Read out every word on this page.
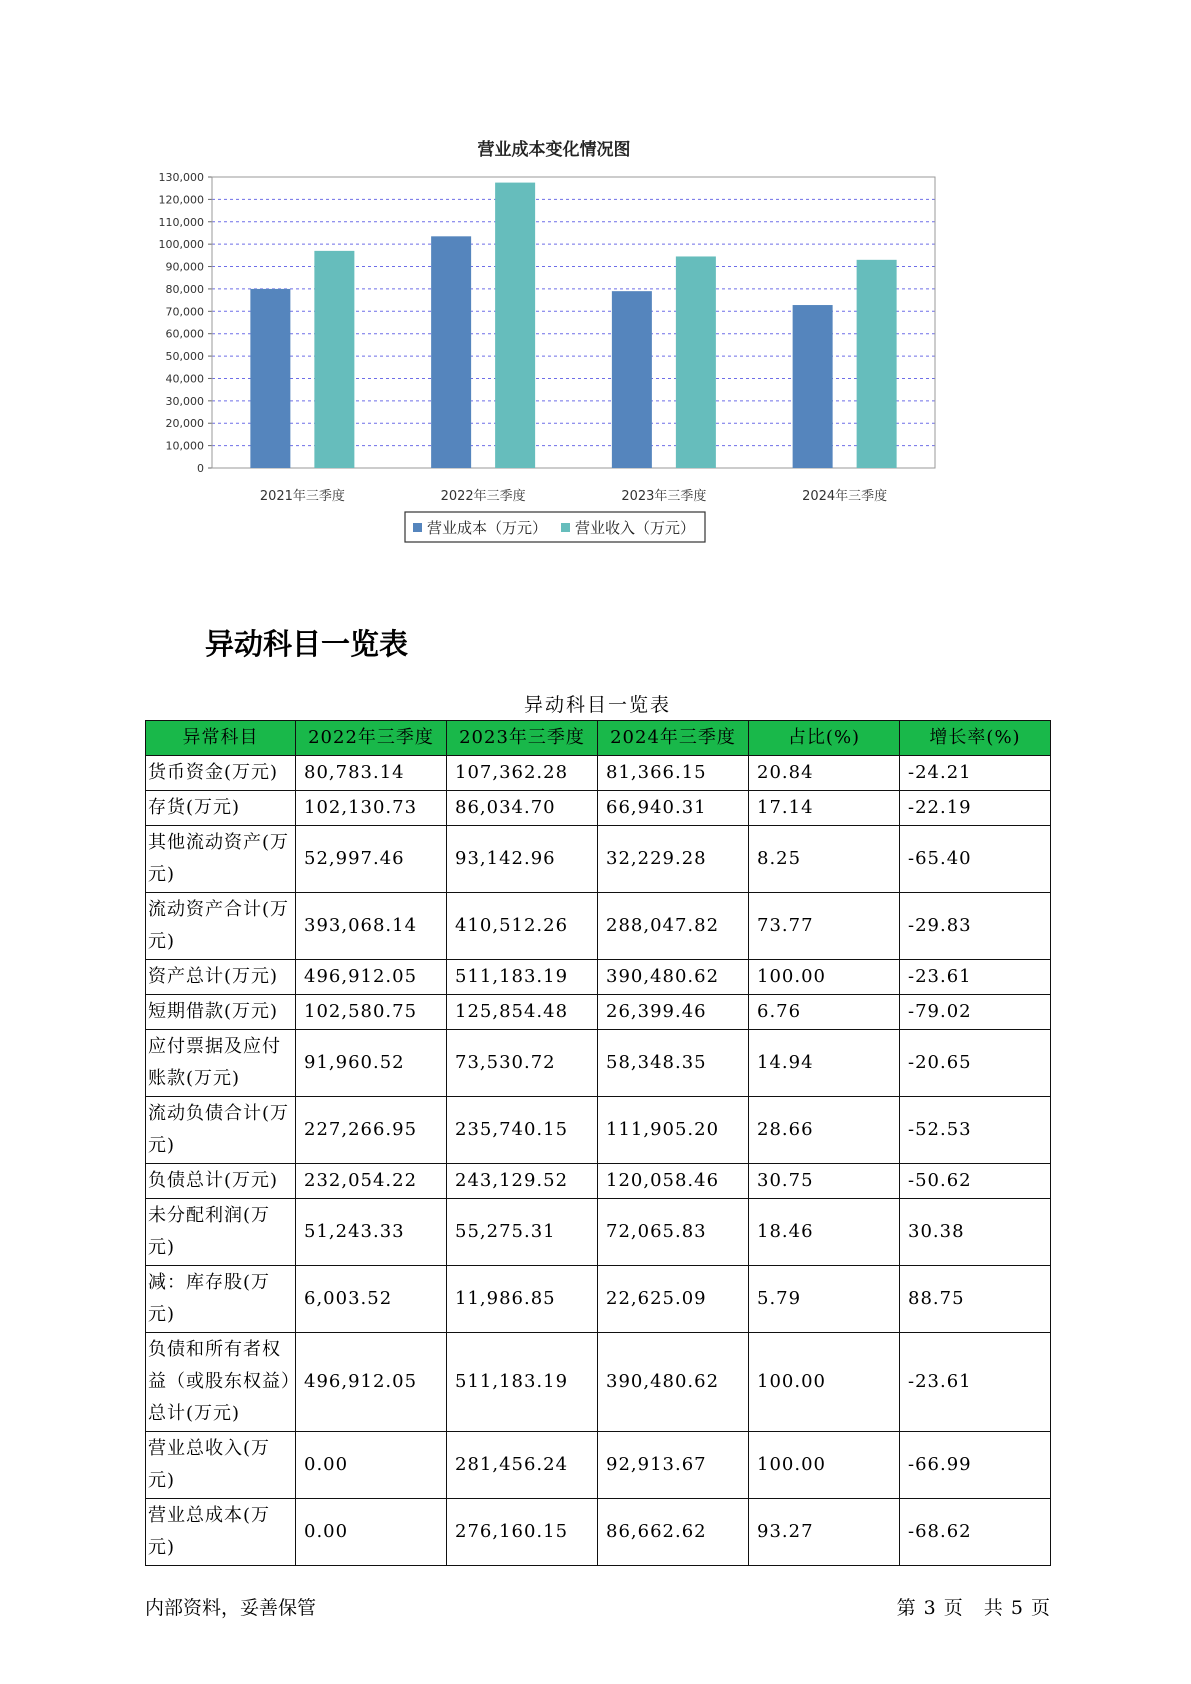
营业成本变化情况图
0
10,000
20,000
30,000
40,000
50,000
60,000
70,000
80,000
90,000
100,000
110,000
120,000
130,000
2021年三季度	2022年三季度	2023年三季度	2024年三季度
营业成本（万元） 营业收入（万元）
异动科目一览表
异动科目一览表
异常科目	2022年三季度	2023年三季度	2024年三季度	占比(%)	增长率(%)
货币资金(万元)	80,783.14	107,362.28	81,366.15	20.84	-24.21
存货(万元)	102,130.73	86,034.70	66,940.31	17.14	-22.19
其他流动资产(万元)	52,997.46	93,142.96	32,229.28	8.25	-65.40
流动资产合计(万元)	393,068.14	410,512.26	288,047.82	73.77	-29.83
资产总计(万元)	496,912.05	511,183.19	390,480.62	100.00	-23.61
短期借款(万元)	102,580.75	125,854.48	26,399.46	6.76	-79.02
应付票据及应付账款(万元)	91,960.52	73,530.72	58,348.35	14.94	-20.65
流动负债合计(万元)	227,266.95	235,740.15	111,905.20	28.66	-52.53
负债总计(万元)	232,054.22	243,129.52	120,058.46	30.75	-50.62
未分配利润(万元)	51,243.33	55,275.31	72,065.83	18.46	30.38
减：库存股(万元)	6,003.52	11,986.85	22,625.09	5.79	88.75
负债和所有者权益（或股东权益）总计(万元)	496,912.05	511,183.19	390,480.62	100.00	-23.61
营业总收入(万元)	0.00	281,456.24	92,913.67	100.00	-66.99
营业总成本(万元)	0.00	276,160.15	86,662.62	93.27	-68.62
内部资料，妥善保管	第 3 页　共 5 页
